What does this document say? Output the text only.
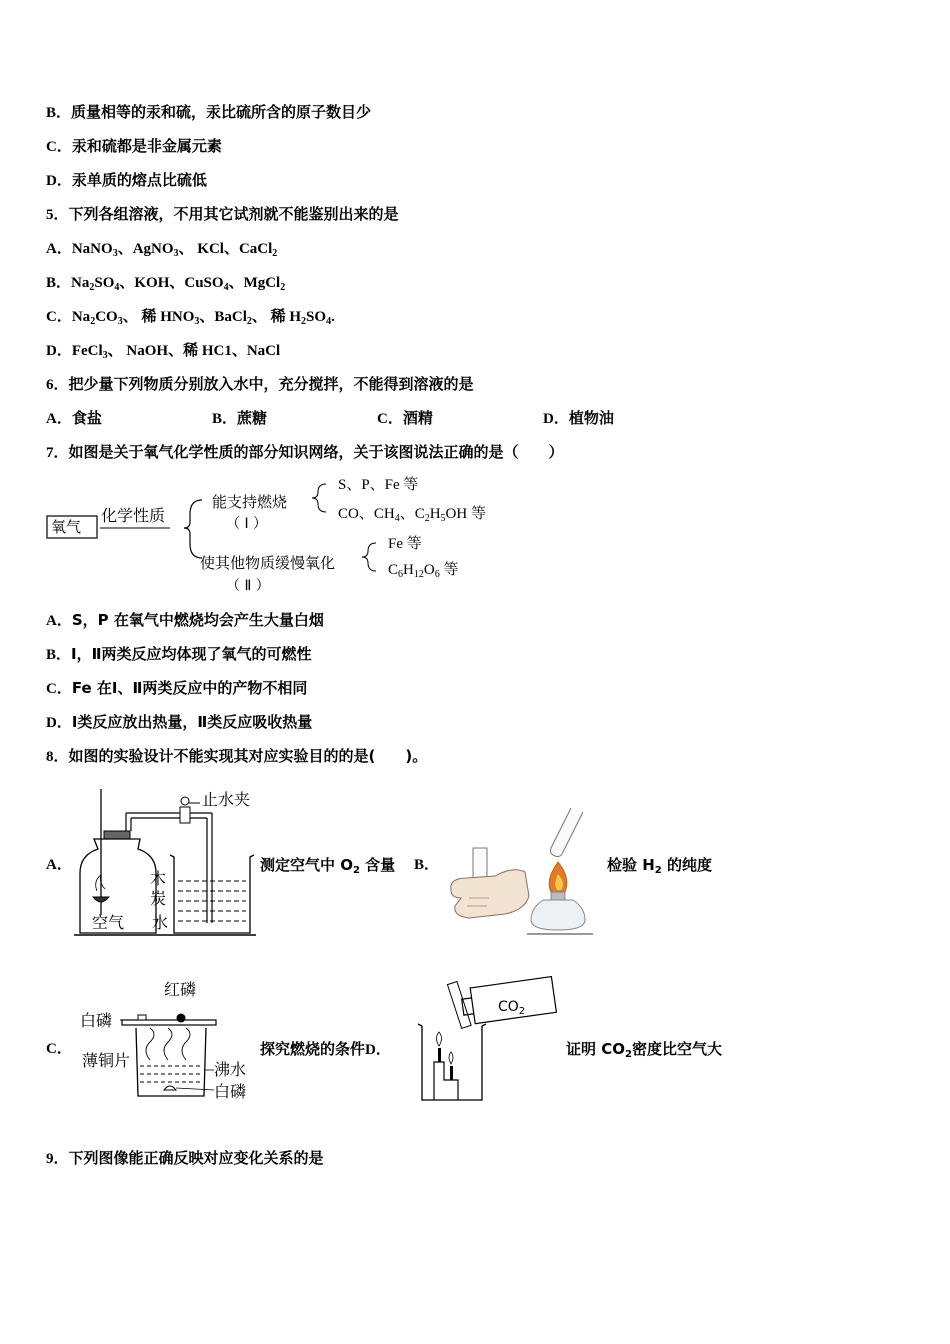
B．质量相等的汞和硫，汞比硫所含的原子数目少
C．汞和硫都是非金属元素
D．汞单质的熔点比硫低
5．下列各组溶液，不用其它试剂就不能鉴别出来的是
A．NaNO$_3$、AgNO$_3$、 KCl、CaCl$_2$
B．$Na_2SO_4$、KOH、CuSO$_4$、MgCl$_2$
C．$Na_2CO_3$、 稀 $HNO_3$、BaCl$_2$、 稀 $H_2SO_4$.
D．FeCl$_3$、 NaOH、稀 HC1、NaCl
6．把少量下列物质分别放入水中，充分搅拌，不能得到溶液的是
A．食盐	B．蔗糖	C．酒精	D．植物油
7．如图是关于氧气化学性质的部分知识网络，关于该图说法正确的是（　　）
氧气
化学性质
能支持燃烧
（ Ⅰ ）
S、P、Fe 等
CO、$CH_4$、$C_2H_5OH$ 等
使其他物质缓慢氧化
（ Ⅱ ）
Fe 等
$C_6H_{12}O_6$ 等
A．S，P 在氧气中燃烧均会产生大量白烟
B．Ⅰ，Ⅱ两类反应均体现了氧气的可燃性
C．Fe 在Ⅰ、Ⅱ两类反应中的产物不相同
D．Ⅰ类反应放出热量，Ⅱ类反应吸收热量
8．如图的实验设计不能实现其对应实验目的的是(　　)。
A．
止水夹
木炭
水
空气
测定空气中 $O_2$ 含量 B．	检验 $H_2$ 的纯度
C．
红磷
白磷
薄铜片	沸水
白磷
探究燃烧的条件D．
$CO_2$
证明 $CO_2$密度比空气大
9．下列图像能正确反映对应变化关系的是
